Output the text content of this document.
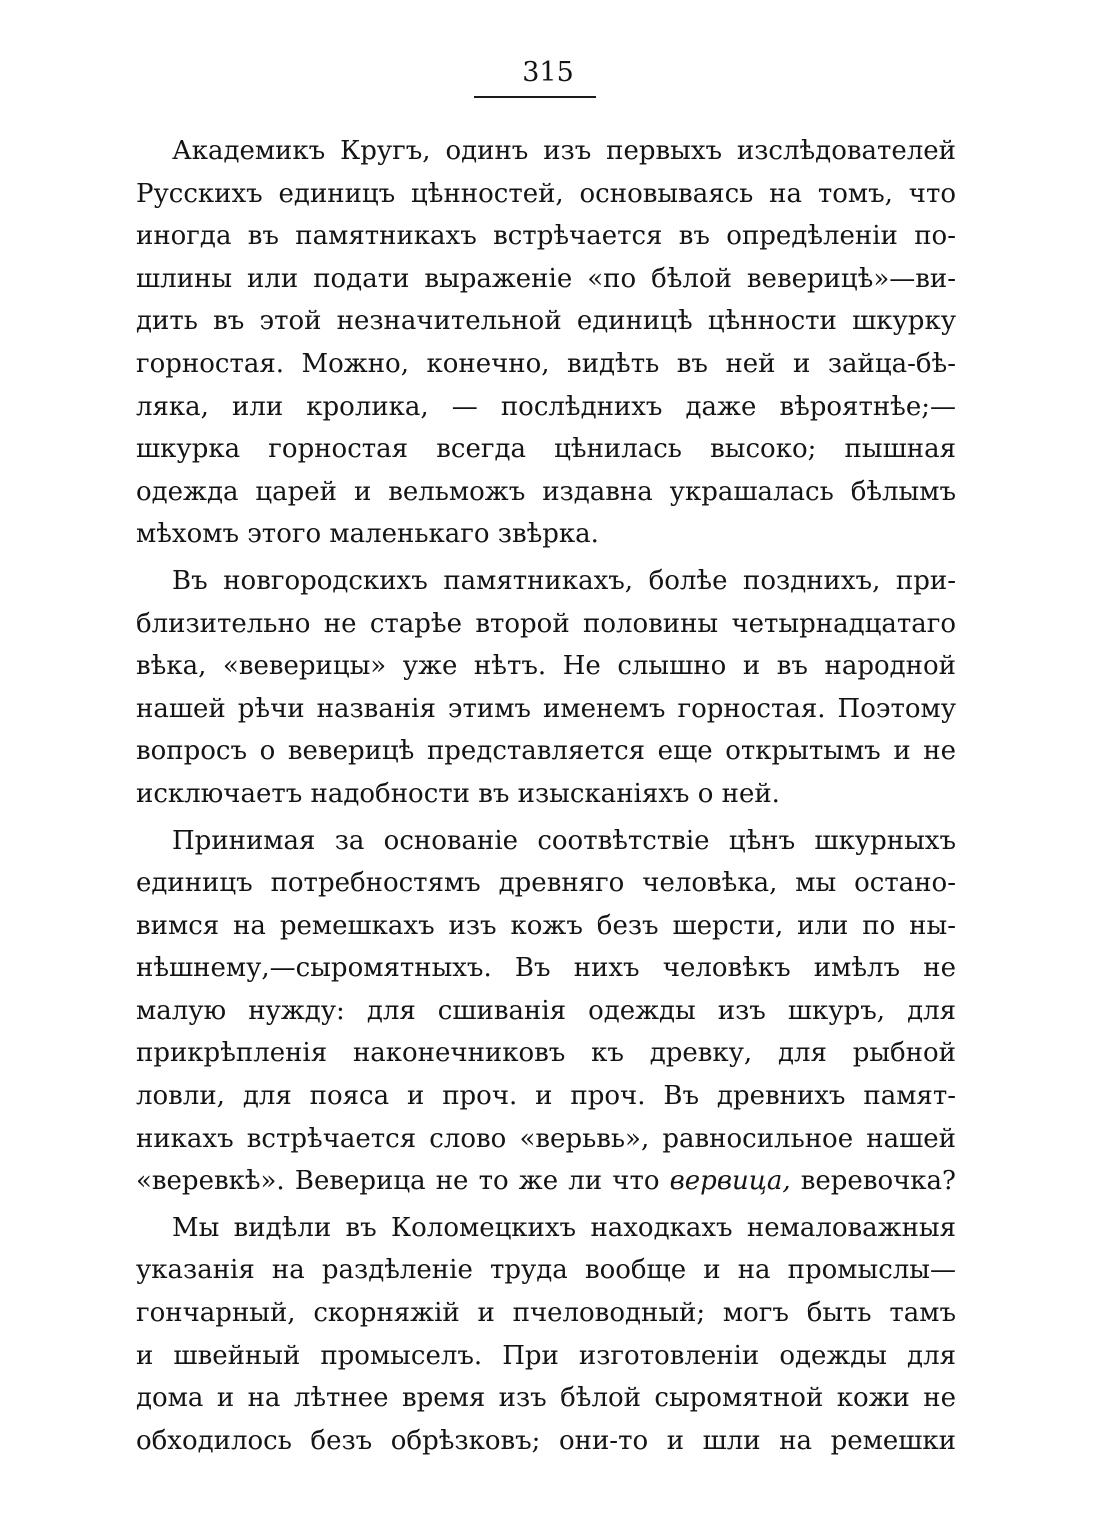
315
Академикъ Кругъ, одинъ изъ первыхъ изслѣдователей
Русскихъ единицъ цѣнностей, основываясь на томъ, что
иногда въ памятникахъ встрѣчается въ опредѣленіи по-
шлины или подати выраженіе «по бѣлой веверицѣ»—ви-
дить въ этой незначительной единицѣ цѣнности шкурку
горностая. Можно, конечно, видѣть въ ней и зайца-бѣ-
ляка, или кролика, — послѣднихъ даже вѣроятнѣе;—
шкурка горностая всегда цѣнилась высоко; пышная
одежда царей и вельможъ издавна украшалась бѣлымъ
мѣхомъ этого маленькаго звѣрка.
Въ новгородскихъ памятникахъ, болѣе позднихъ, при-
близительно не старѣе второй половины четырнадцатаго
вѣка, «веверицы» уже нѣтъ. Не слышно и въ народной
нашей рѣчи названія этимъ именемъ горностая. Поэтому
вопросъ о веверицѣ представляется еще открытымъ и не
исключаетъ надобности въ изысканіяхъ о ней.
Принимая за основаніе соотвѣтствіе цѣнъ шкурныхъ
единицъ потребностямъ древняго человѣка, мы остано-
вимся на ремешкахъ изъ кожъ безъ шерсти, или по ны-
нѣшнему,—сыромятныхъ. Въ нихъ человѣкъ имѣлъ не
малую нужду: для сшиванія одежды изъ шкуръ, для
прикрѣпленія наконечниковъ къ древку, для рыбной
ловли, для пояса и проч. и проч. Въ древнихъ памят-
никахъ встрѣчается слово «верьвь», равносильное нашей
«веревкѣ». Веверица не то же ли что вервица, веревочка?
Мы видѣли въ Коломецкихъ находкахъ немаловажныя
указанія на раздѣленіе труда вообще и на промыслы—
гончарный, скорняжій и пчеловодный; могъ быть тамъ
и швейный промыселъ. При изготовленіи одежды для
дома и на лѣтнее время изъ бѣлой сыромятной кожи не
обходилось безъ обрѣзковъ; они-то и шли на ремешки
